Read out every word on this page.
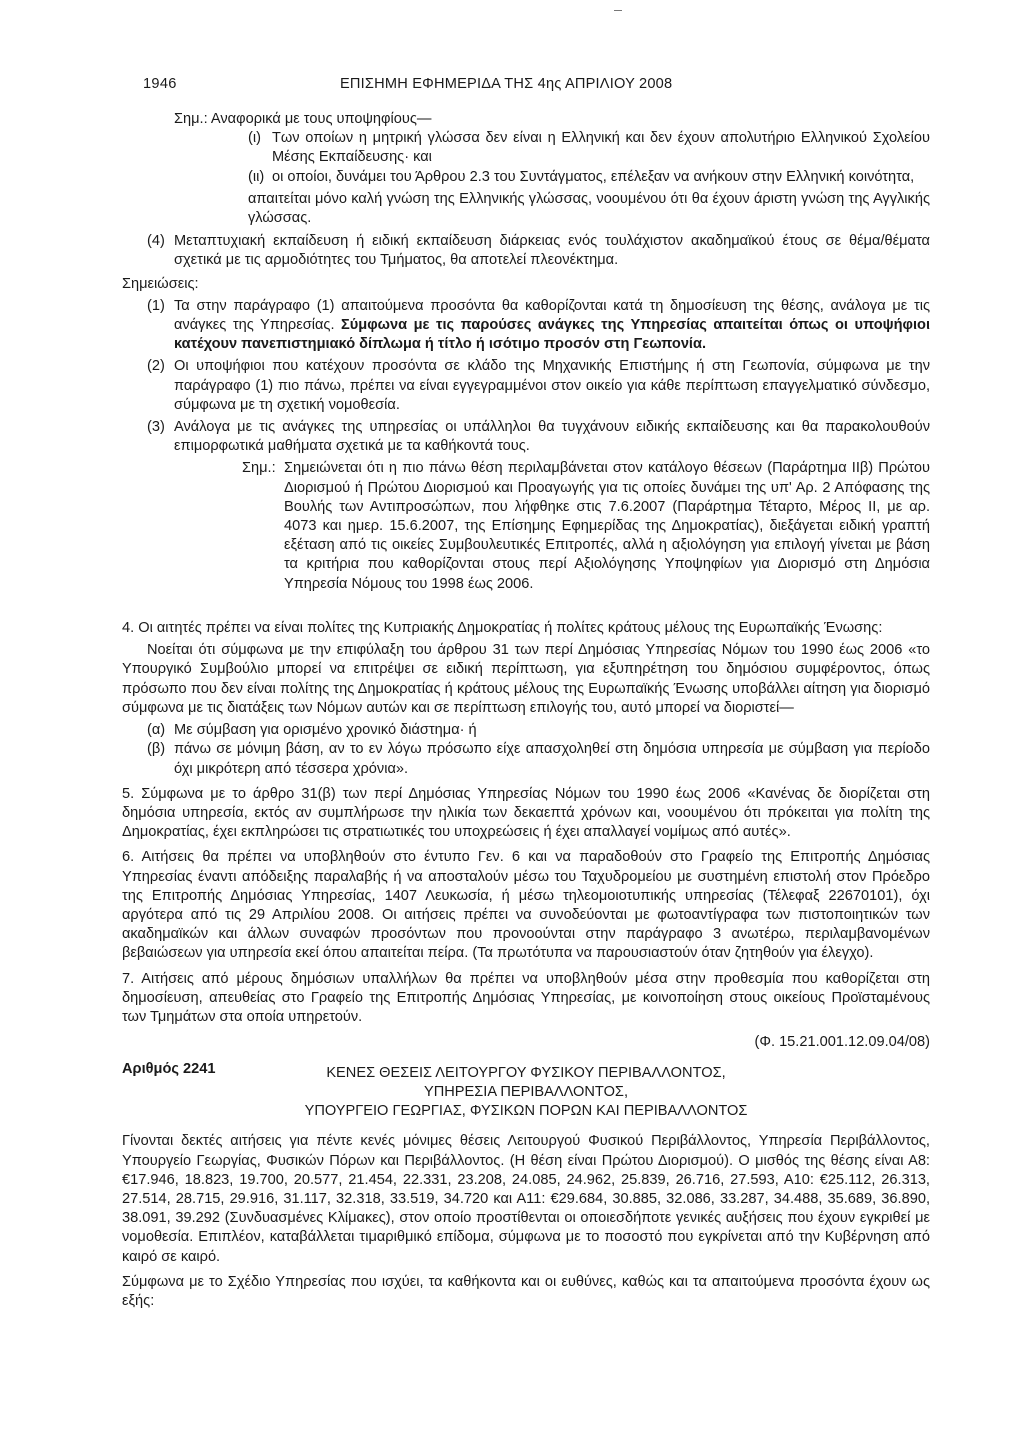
1946	ΕΠΙΣΗΜΗ ΕΦΗΜΕΡΙΔΑ ΤΗΣ 4ης ΑΠΡΙΛΙΟΥ 2008

Σημ.: Αναφορικά με τους υποψηφίους—

(ι) Των οποίων η μητρική γλώσσα δεν είναι η Ελληνική και δεν έχουν απολυτήριο Ελληνικού Σχολείου Μέσης Εκπαίδευσης· και
(ιι) οι οποίοι, δυνάμει του Άρθρου 2.3 του Συντάγματος, επέλεξαν να ανήκουν στην Ελληνική κοινότητα,

απαιτείται μόνο καλή γνώση της Ελληνικής γλώσσας, νοουμένου ότι θα έχουν άριστη γνώση της Αγγλικής γλώσσας.

(4) Μεταπτυχιακή εκπαίδευση ή ειδική εκπαίδευση διάρκειας ενός τουλάχιστον ακαδημαϊκού έτους σε θέμα/θέματα σχετικά με τις αρμοδιότητες του Τμήματος, θα αποτελεί πλεονέκτημα.

Σημειώσεις:

(1) Τα στην παράγραφο (1) απαιτούμενα προσόντα θα καθορίζονται κατά τη δημοσίευση της θέσης, ανάλογα με τις ανάγκες της Υπηρεσίας. Σύμφωνα με τις παρούσες ανάγκες της Υπηρεσίας απαιτείται όπως οι υποψήφιοι κατέχουν πανεπιστημιακό δίπλωμα ή τίτλο ή ισότιμο προσόν στη Γεωπονία.
(2) Οι υποψήφιοι που κατέχουν προσόντα σε κλάδο της Μηχανικής Επιστήμης ή στη Γεωπονία, σύμφωνα με την παράγραφο (1) πιο πάνω, πρέπει να είναι εγγεγραμμένοι στον οικείο για κάθε περίπτωση επαγγελματικό σύνδεσμο, σύμφωνα με τη σχετική νομοθεσία.
(3) Ανάλογα με τις ανάγκες της υπηρεσίας οι υπάλληλοι θα τυγχάνουν ειδικής εκπαίδευσης και θα παρακολουθούν επιμορφωτικά μαθήματα σχετικά με τα καθήκοντά τους.
Σημ.: Σημειώνεται ότι η πιο πάνω θέση περιλαμβάνεται στον κατάλογο θέσεων (Παράρτημα ΙΙβ) Πρώτου Διορισμού ή Πρώτου Διορισμού και Προαγωγής για τις οποίες δυνάμει της υπ' Αρ. 2 Απόφασης της Βουλής των Αντιπροσώπων, που λήφθηκε στις 7.6.2007 (Παράρτημα Τέταρτο, Μέρος ΙΙ, με αρ. 4073 και ημερ. 15.6.2007, της Επίσημης Εφημερίδας της Δημοκρατίας), διεξάγεται ειδική γραπτή εξέταση από τις οικείες Συμβουλευτικές Επιτροπές, αλλά η αξιολόγηση για επιλογή γίνεται με βάση τα κριτήρια που καθορίζονται στους περί Αξιολόγησης Υποψηφίων για Διορισμό στη Δημόσια Υπηρεσία Νόμους του 1998 έως 2006.

4. Οι αιτητές πρέπει να είναι πολίτες της Κυπριακής Δημοκρατίας ή πολίτες κράτους μέλους της Ευρωπαϊκής Ένωσης:

Νοείται ότι σύμφωνα με την επιφύλαξη του άρθρου 31 των περί Δημόσιας Υπηρεσίας Νόμων του 1990 έως 2006 «το Υπουργικό Συμβούλιο μπορεί να επιτρέψει σε ειδική περίπτωση, για εξυπηρέτηση του δημόσιου συμφέροντος, όπως πρόσωπο που δεν είναι πολίτης της Δημοκρατίας ή κράτους μέλους της Ευρωπαϊκής Ένωσης υποβάλλει αίτηση για διορισμό σύμφωνα με τις διατάξεις των Νόμων αυτών και σε περίπτωση επιλογής του, αυτό μπορεί να διοριστεί—

(α) Με σύμβαση για ορισμένο χρονικό διάστημα· ή
(β) πάνω σε μόνιμη βάση, αν το εν λόγω πρόσωπο είχε απασχοληθεί στη δημόσια υπηρεσία με σύμβαση για περίοδο όχι μικρότερη από τέσσερα χρόνια».

5. Σύμφωνα με το άρθρο 31(β) των περί Δημόσιας Υπηρεσίας Νόμων του 1990 έως 2006 «Κανένας δε διορίζεται στη δημόσια υπηρεσία, εκτός αν συμπλήρωσε την ηλικία των δεκαεπτά χρόνων και, νοουμένου ότι πρόκειται για πολίτη της Δημοκρατίας, έχει εκπληρώσει τις στρατιωτικές του υποχρεώσεις ή έχει απαλλαγεί νομίμως από αυτές».

6. Αιτήσεις θα πρέπει να υποβληθούν στο έντυπο Γεν. 6 και να παραδοθούν στο Γραφείο της Επιτροπής Δημόσιας Υπηρεσίας έναντι απόδειξης παραλαβής ή να αποσταλούν μέσω του Ταχυδρομείου με συστημένη επιστολή στον Πρόεδρο της Επιτροπής Δημόσιας Υπηρεσίας, 1407 Λευκωσία, ή μέσω τηλεομοιοτυπικής υπηρεσίας (Τέλεφαξ 22670101), όχι αργότερα από τις 29 Απριλίου 2008. Οι αιτήσεις πρέπει να συνοδεύονται με φωτοαντίγραφα των πιστοποιητικών των ακαδημαϊκών και άλλων συναφών προσόντων που προνοούνται στην παράγραφο 3 ανωτέρω, περιλαμβανομένων βεβαιώσεων για υπηρεσία εκεί όπου απαιτείται πείρα. (Τα πρωτότυπα να παρουσιαστούν όταν ζητηθούν για έλεγχο).

7. Αιτήσεις από μέρους δημόσιων υπαλλήλων θα πρέπει να υποβληθούν μέσα στην προθεσμία που καθορίζεται στη δημοσίευση, απευθείας στο Γραφείο της Επιτροπής Δημόσιας Υπηρεσίας, με κοινοποίηση στους οικείους Προϊσταμένους των Τμημάτων στα οποία υπηρετούν.

(Φ. 15.21.001.12.09.04/08)

Αριθμός 2241	ΚΕΝΕΣ ΘΕΣΕΙΣ ΛΕΙΤΟΥΡΓΟΥ ΦΥΣΙΚΟΥ ΠΕΡΙΒΑΛΛΟΝΤΟΣ,
ΥΠΗΡΕΣΙΑ ΠΕΡΙΒΑΛΛΟΝΤΟΣ,
ΥΠΟΥΡΓΕΙΟ ΓΕΩΡΓΙΑΣ, ΦΥΣΙΚΩΝ ΠΟΡΩΝ ΚΑΙ ΠΕΡΙΒΑΛΛΟΝΤΟΣ

Γίνονται δεκτές αιτήσεις για πέντε κενές μόνιμες θέσεις Λειτουργού Φυσικού Περιβάλλοντος, Υπηρεσία Περιβάλλοντος, Υπουργείο Γεωργίας, Φυσικών Πόρων και Περιβάλλοντος. (Η θέση είναι Πρώτου Διορισμού). Ο μισθός της θέσης είναι Α8: €17.946, 18.823, 19.700, 20.577, 21.454, 22.331, 23.208, 24.085, 24.962, 25.839, 26.716, 27.593, Α10: €25.112, 26.313, 27.514, 28.715, 29.916, 31.117, 32.318, 33.519, 34.720 και Α11: €29.684, 30.885, 32.086, 33.287, 34.488, 35.689, 36.890, 38.091, 39.292 (Συνδυασμένες Κλίμακες), στον οποίο προστίθενται οι οποιεσδήποτε γενικές αυξήσεις που έχουν εγκριθεί με νομοθεσία. Επιπλέον, καταβάλλεται τιμαριθμικό επίδομα, σύμφωνα με το ποσοστό που εγκρίνεται από την Κυβέρνηση από καιρό σε καιρό.

Σύμφωνα με το Σχέδιο Υπηρεσίας που ισχύει, τα καθήκοντα και οι ευθύνες, καθώς και τα απαιτούμενα προσόντα έχουν ως εξής:
